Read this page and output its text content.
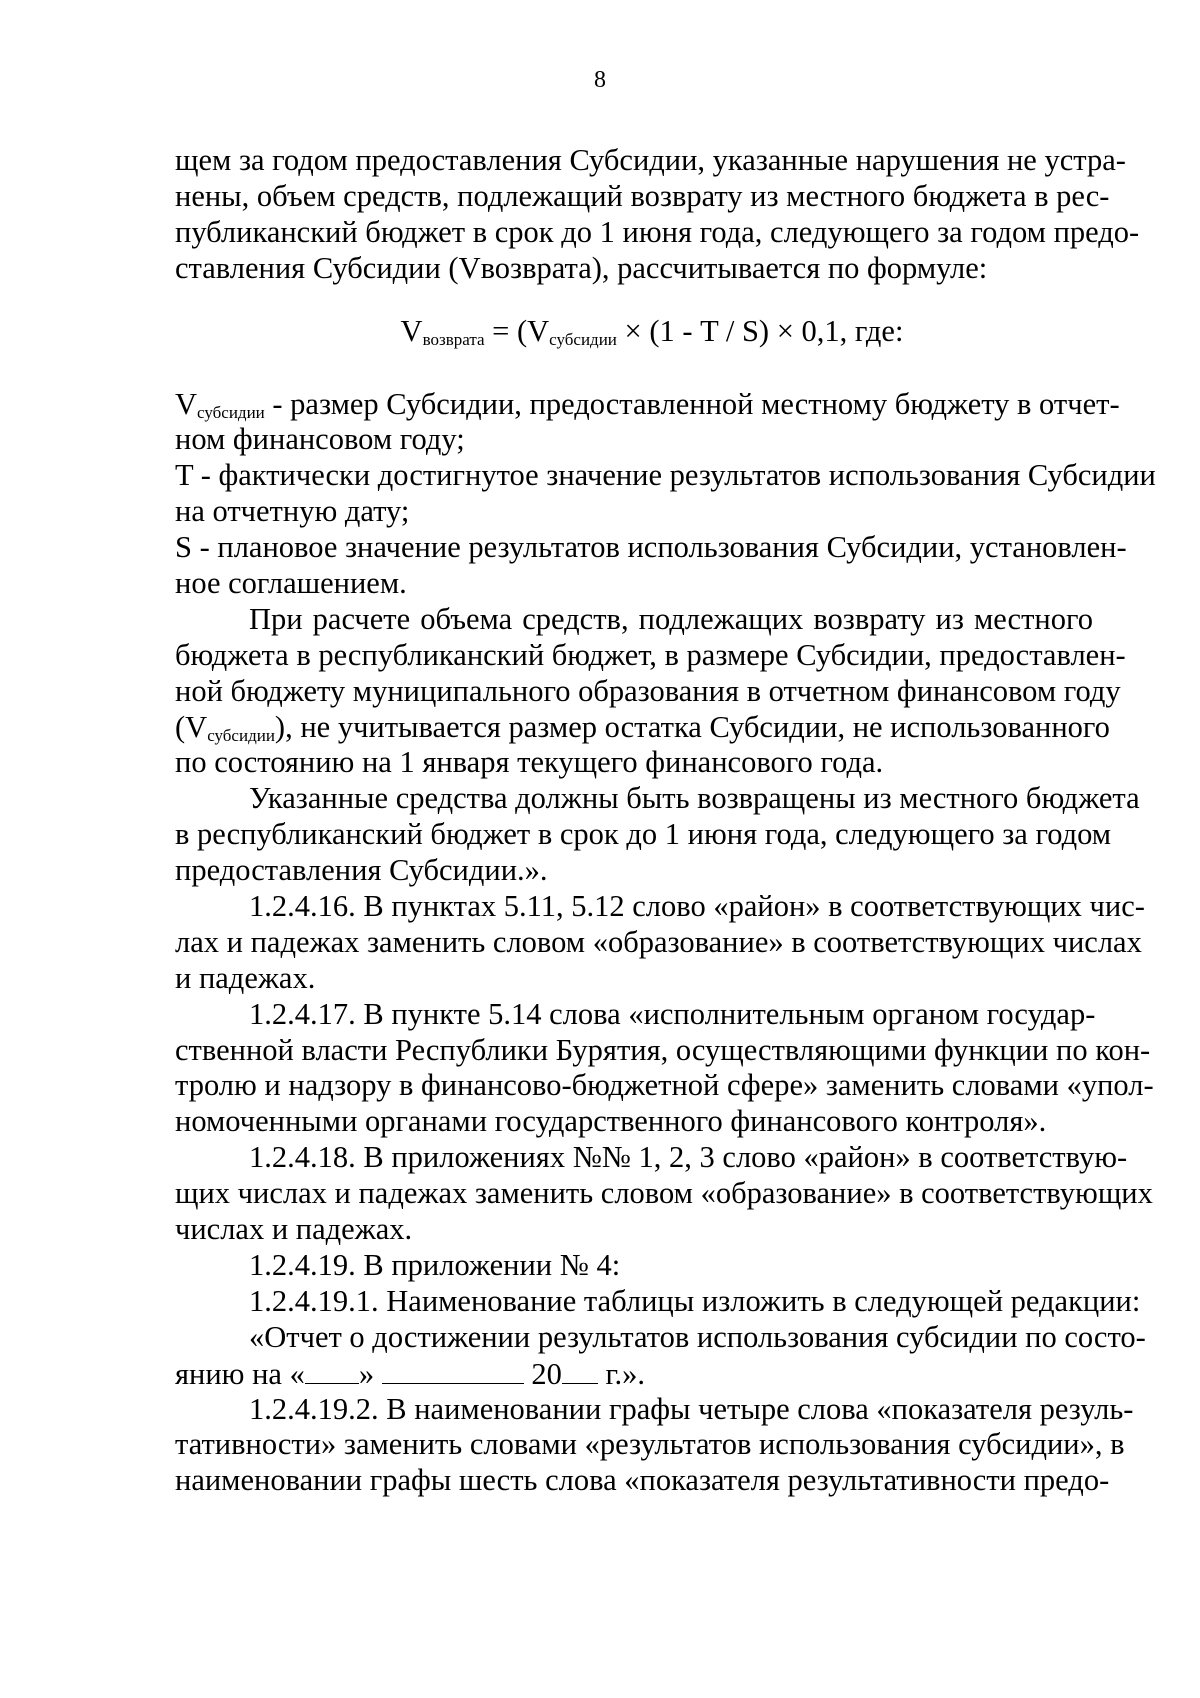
8
щем за годом предоставления Субсидии, указанные нарушения не устра-
нены, объем средств, подлежащий возврату из местного бюджета в рес-
публиканский бюджет в срок до 1 июня года, следующего за годом предо-
ставления Субсидии (Vвозврата), рассчитывается по формуле:
$V_{возврата} = (V_{субсидии} \times (1 - T / S) \times 0,1$, где:
$V_{субсидии}$ - размер Субсидии, предоставленной местному бюджету в отчет-
ном финансовом году;
T - фактически достигнутое значение результатов использования Субсидии
на отчетную дату;
S - плановое значение результатов использования Субсидии, установлен-
ное соглашением.
При расчете объема средств, подлежащих возврату из местного
бюджета в республиканский бюджет, в размере Субсидии, предоставлен-
ной бюджету муниципального образования в отчетном финансовом году
$(V_{субсидии})$, не учитывается размер остатка Субсидии, не использованного
по состоянию на 1 января текущего финансового года.
Указанные средства должны быть возвращены из местного бюджета
в республиканский бюджет в срок до 1 июня года, следующего за годом
предоставления Субсидии.».
1.2.4.16. В пунктах 5.11, 5.12 слово «район» в соответствующих чис-
лах и падежах заменить словом «образование» в соответствующих числах
и падежах.
1.2.4.17. В пункте 5.14 слова «исполнительным органом государ-
ственной власти Республики Бурятия, осуществляющими функции по кон-
тролю и надзору в финансово-бюджетной сфере» заменить словами «упол-
номоченными органами государственного финансового контроля».
1.2.4.18. В приложениях №№ 1, 2, 3 слово «район» в соответствую-
щих числах и падежах заменить словом «образование» в соответствующих
числах и падежах.
1.2.4.19. В приложении № 4:
1.2.4.19.1. Наименование таблицы изложить в следующей редакции:
«Отчет о достижении результатов использования субсидии по состо-
янию на « »	20 г.».
1.2.4.19.2. В наименовании графы четыре слова «показателя резуль-
тативности» заменить словами «результатов использования субсидии», в
наименовании графы шесть слова «показателя результативности предо-
